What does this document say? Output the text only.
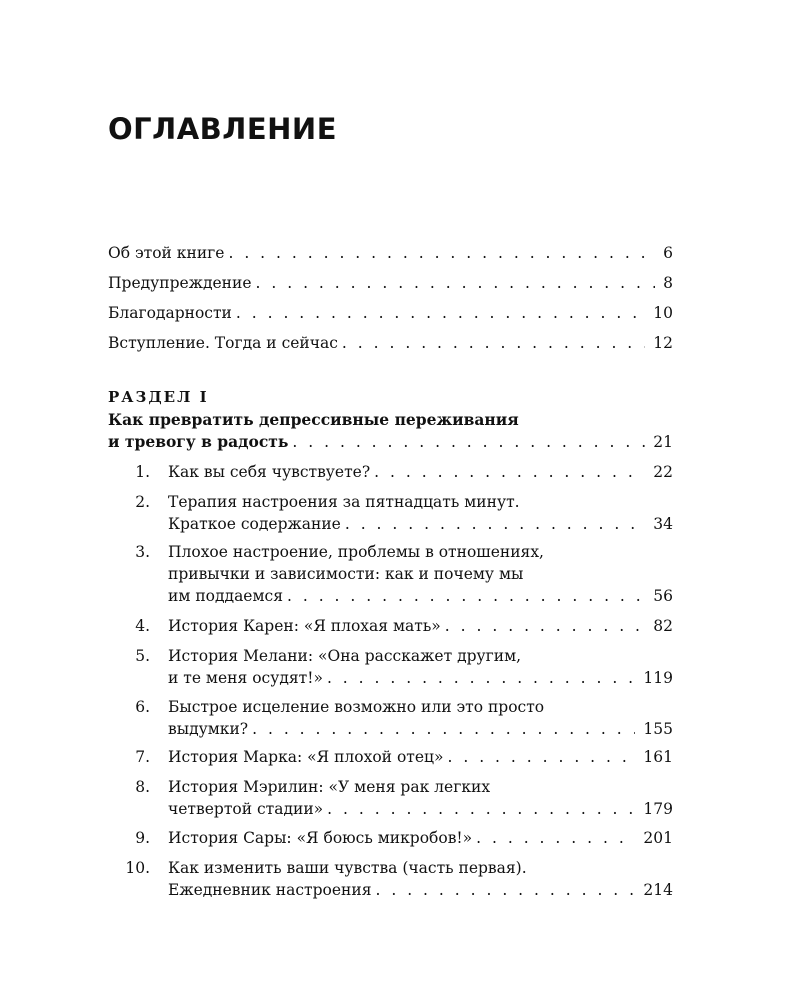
ОГЛАВЛЕНИЕ
Об этой книге . . .	6
Предупреждение . . .	8
Благодарности . . .	10
Вступление. Тогда и сейчас . . .	12
РАЗДЕЛ I
Как превратить депрессивные переживания
и тревогу в радость . . .	21
1. Как вы себя чувствуете? . . .	22
2. Терапия настроения за пятнадцать минут.
Краткое содержание . . .	34
3. Плохое настроение, проблемы в отношениях,
привычки и зависимости: как и почему мы
им поддаемся . . .	56
4. История Карен: «Я плохая мать» . . .	82
5. История Мелани: «Она расскажет другим,
и те меня осудят!» . . .	119
6. Быстрое исцеление возможно или это просто
выдумки? . . .	155
7. История Марка: «Я плохой отец» . . .	161
8. История Мэрилин: «У меня рак легких
четвертой стадии» . . .	179
9. История Сары: «Я боюсь микробов!» . . .	201
10. Как изменить ваши чувства (часть первая).
Ежедневник настроения . . .	214
